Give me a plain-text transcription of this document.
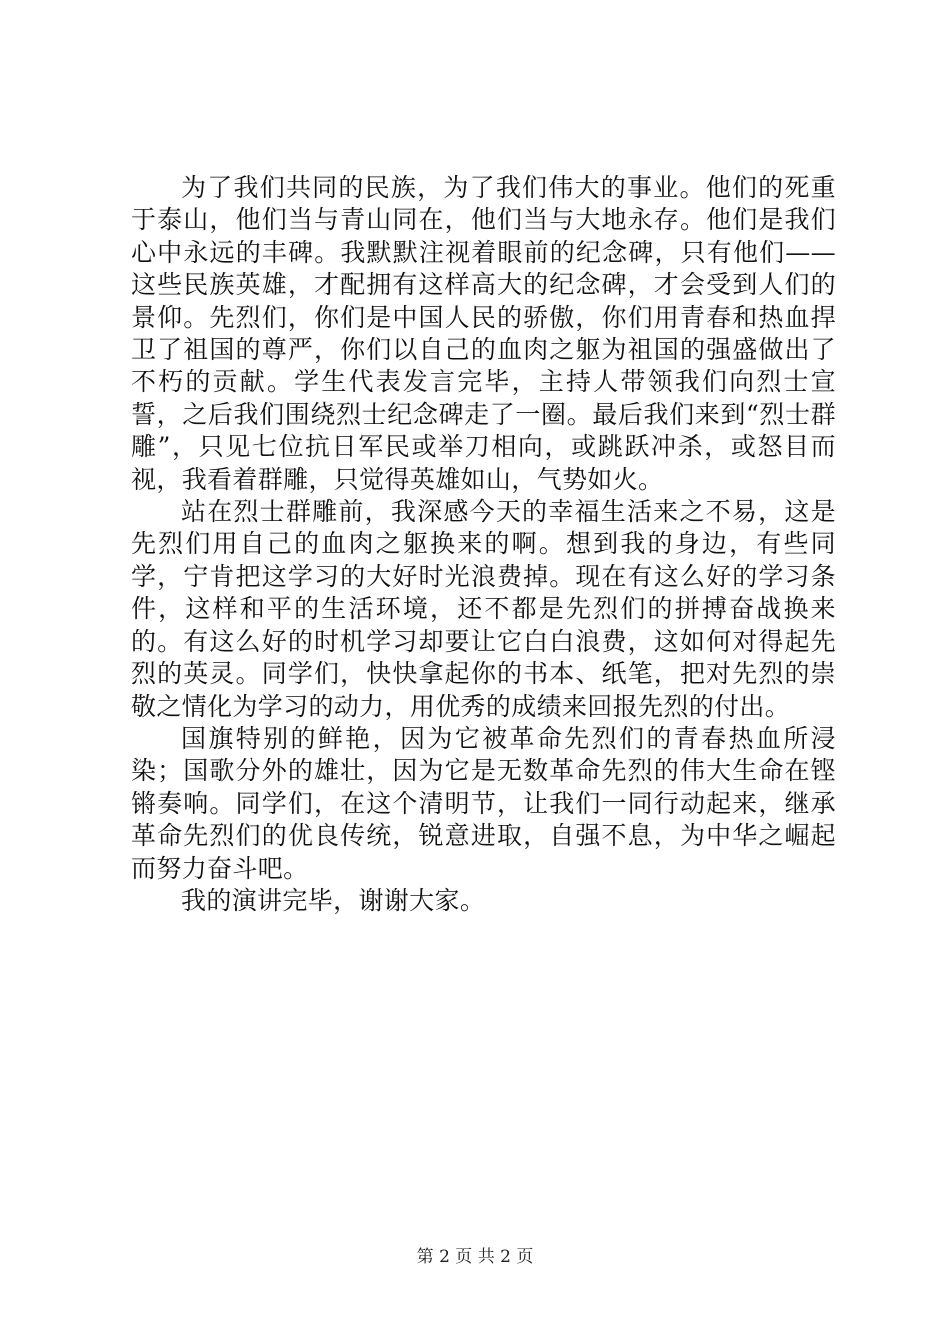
为了我们共同的民族，为了我们伟大的事业。他们的死重于泰山，他们当与青山同在，他们当与大地永存。他们是我们心中永远的丰碑。我默默注视着眼前的纪念碑，只有他们——这些民族英雄，才配拥有这样高大的纪念碑，才会受到人们的景仰。先烈们，你们是中国人民的骄傲，你们用青春和热血捍卫了祖国的尊严，你们以自己的血肉之躯为祖国的强盛做出了不朽的贡献。学生代表发言完毕，主持人带领我们向烈士宣誓，之后我们围绕烈士纪念碑走了一圈。最后我们来到“烈士群雕”，只见七位抗日军民或举刀相向，或跳跃冲杀，或怒目而视，我看着群雕，只觉得英雄如山，气势如火。

站在烈士群雕前，我深感今天的幸福生活来之不易，这是先烈们用自己的血肉之躯换来的啊。想到我的身边，有些同学，宁肯把这学习的大好时光浪费掉。现在有这么好的学习条件，这样和平的生活环境，还不都是先烈们的拼搏奋战换来的。有这么好的时机学习却要让它白白浪费，这如何对得起先烈的英灵。同学们，快快拿起你的书本、纸笔，把对先烈的崇敬之情化为学习的动力，用优秀的成绩来回报先烈的付出。

国旗特别的鲜艳，因为它被革命先烈们的青春热血所浸染；国歌分外的雄壮，因为它是无数革命先烈的伟大生命在铿锵奏响。同学们，在这个清明节，让我们一同行动起来，继承革命先烈们的优良传统，锐意进取，自强不息，为中华之崛起而努力奋斗吧。

我的演讲完毕，谢谢大家。

第 2 页 共 2 页
